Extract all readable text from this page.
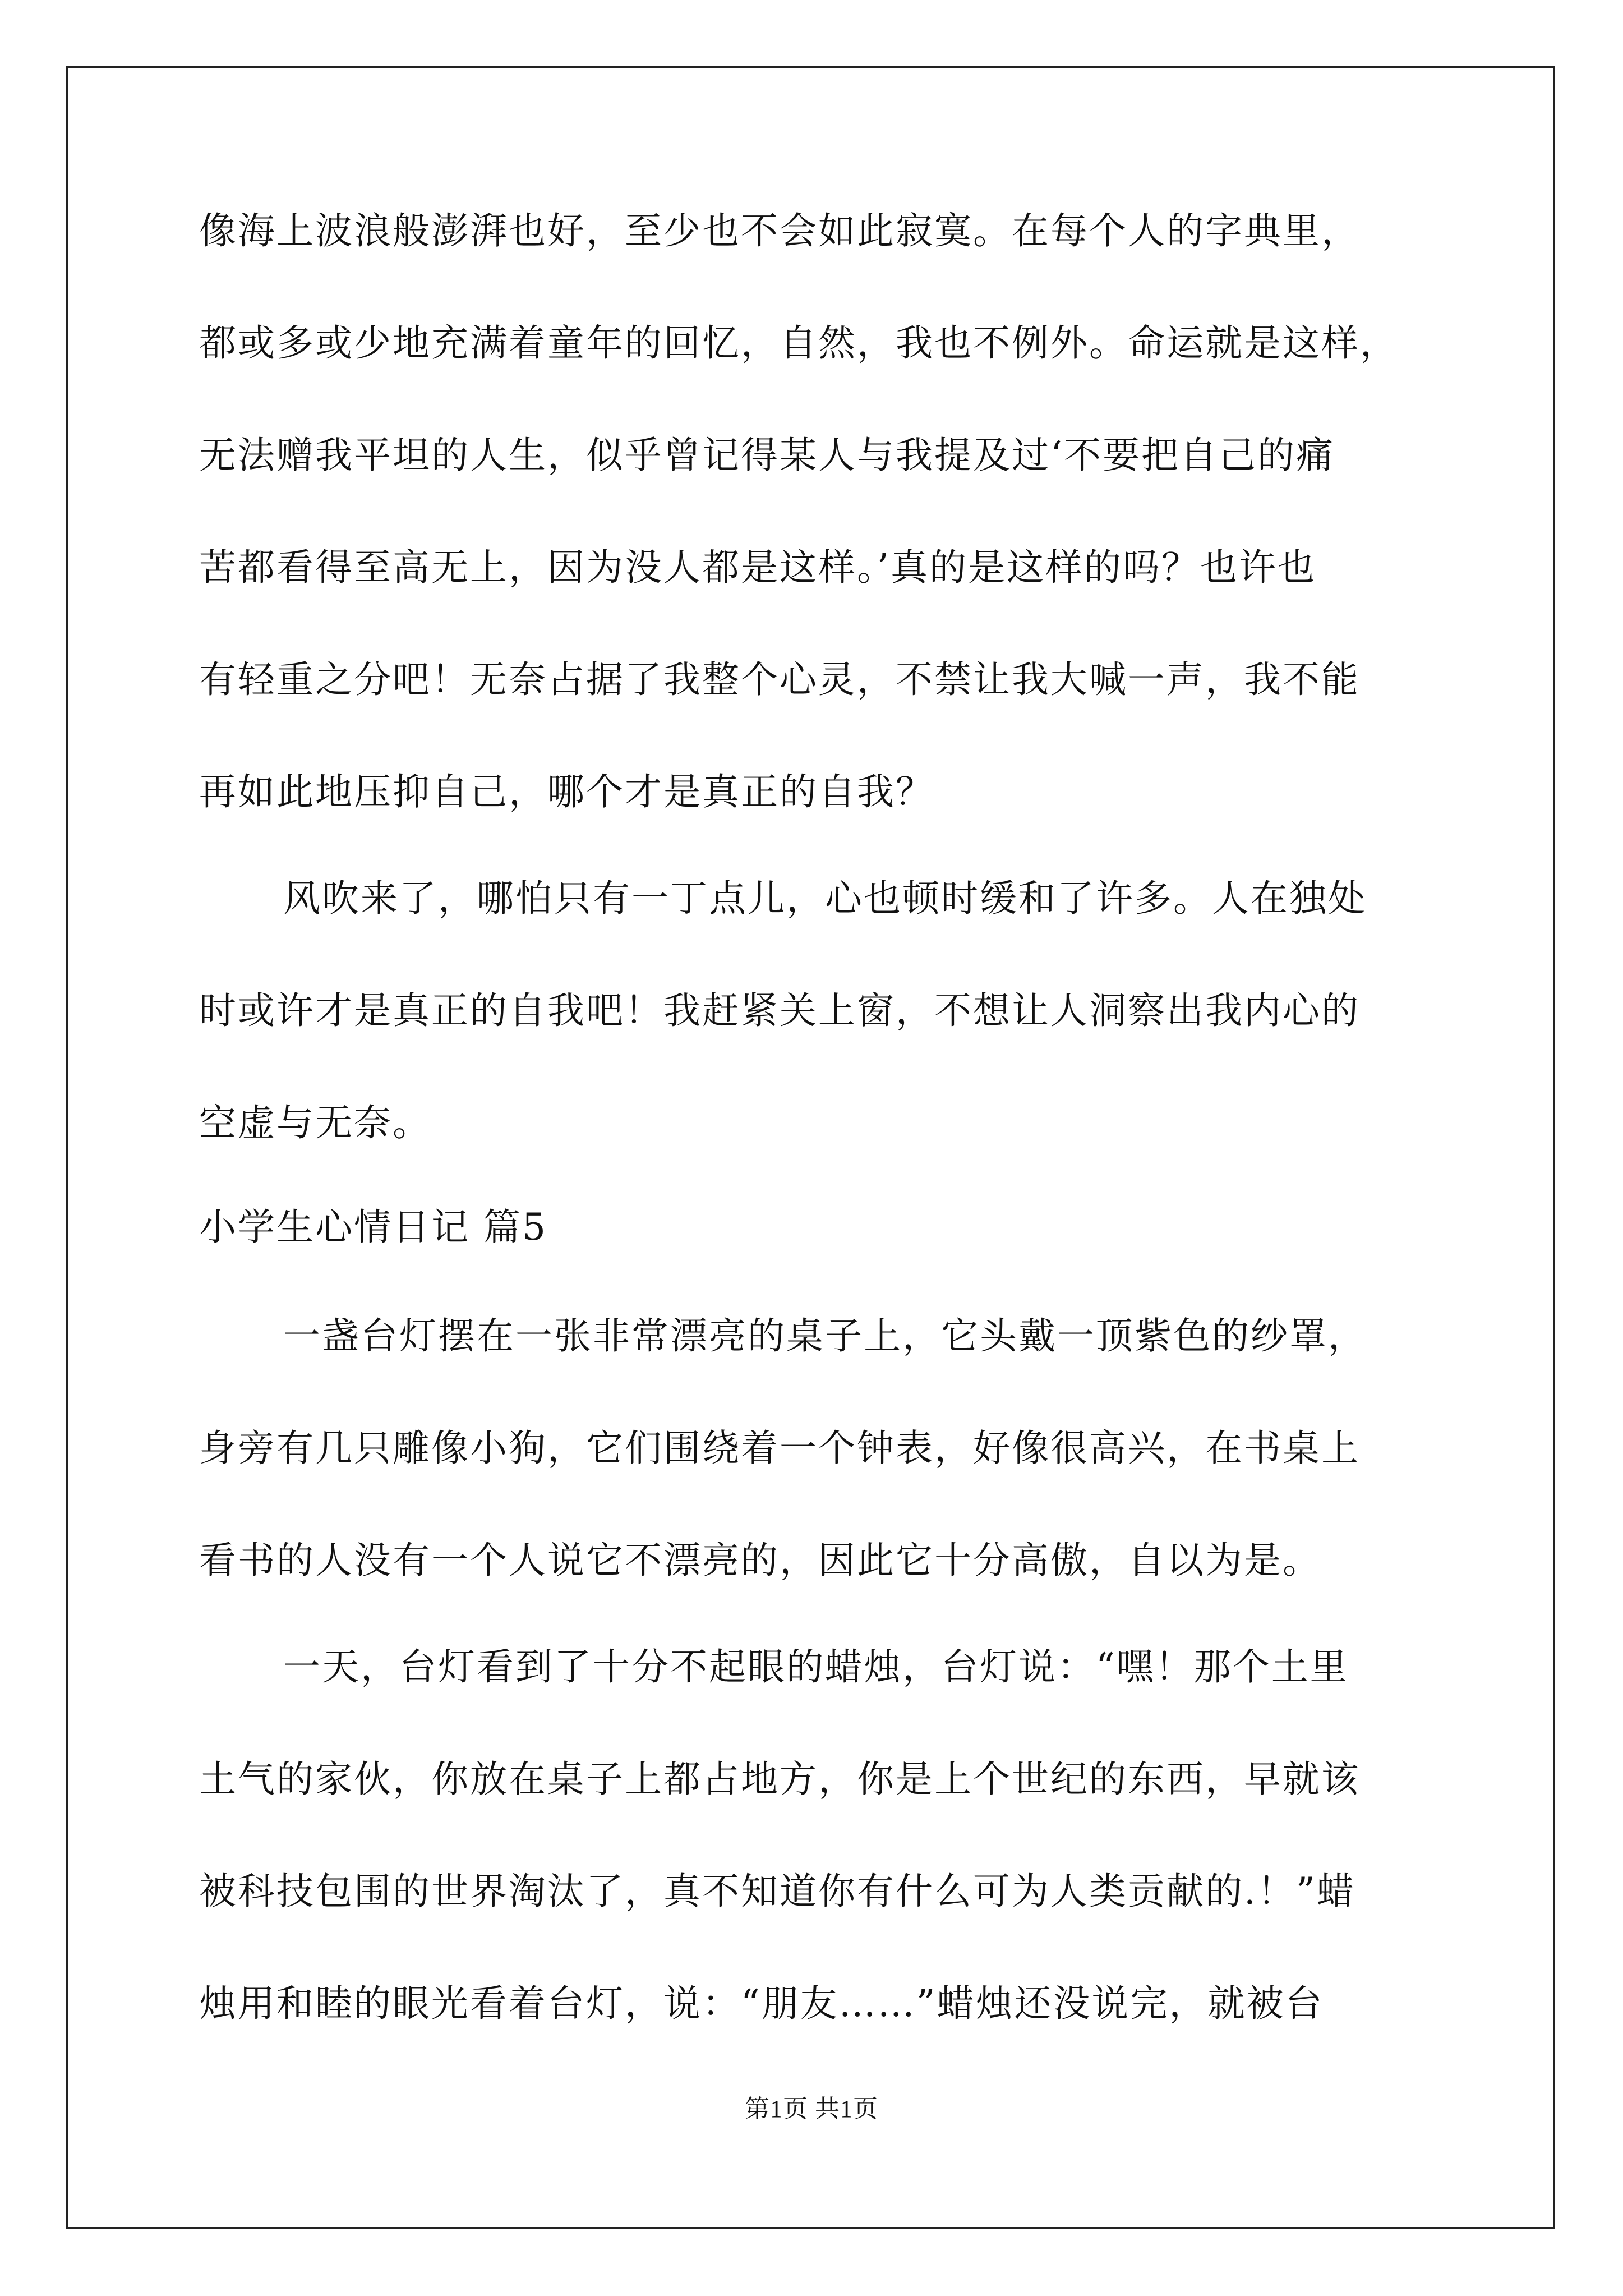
像海上波浪般澎湃也好，至少也不会如此寂寞。在每个人的字典里，
都或多或少地充满着童年的回忆，自然，我也不例外。命运就是这样，
无法赠我平坦的人生，似乎曾记得某人与我提及过‘不要把自己的痛
苦都看得至高无上，因为没人都是这样。’真的是这样的吗？也许也
有轻重之分吧！无奈占据了我整个心灵，不禁让我大喊一声，我不能
再如此地压抑自己，哪个才是真正的自我？
风吹来了，哪怕只有一丁点儿，心也顿时缓和了许多。人在独处
时或许才是真正的自我吧！我赶紧关上窗，不想让人洞察出我内心的
空虚与无奈。
小学生心情日记 篇5
一盏台灯摆在一张非常漂亮的桌子上，它头戴一顶紫色的纱罩，
身旁有几只雕像小狗，它们围绕着一个钟表，好像很高兴，在书桌上
看书的人没有一个人说它不漂亮的，因此它十分高傲，自以为是。
一天，台灯看到了十分不起眼的蜡烛，台灯说：“嘿！那个土里
土气的家伙，你放在桌子上都占地方，你是上个世纪的东西，早就该
被科技包围的世界淘汰了，真不知道你有什么可为人类贡献的.！”蜡
烛用和睦的眼光看着台灯，说：“朋友……”蜡烛还没说完，就被台
第1页 共1页
